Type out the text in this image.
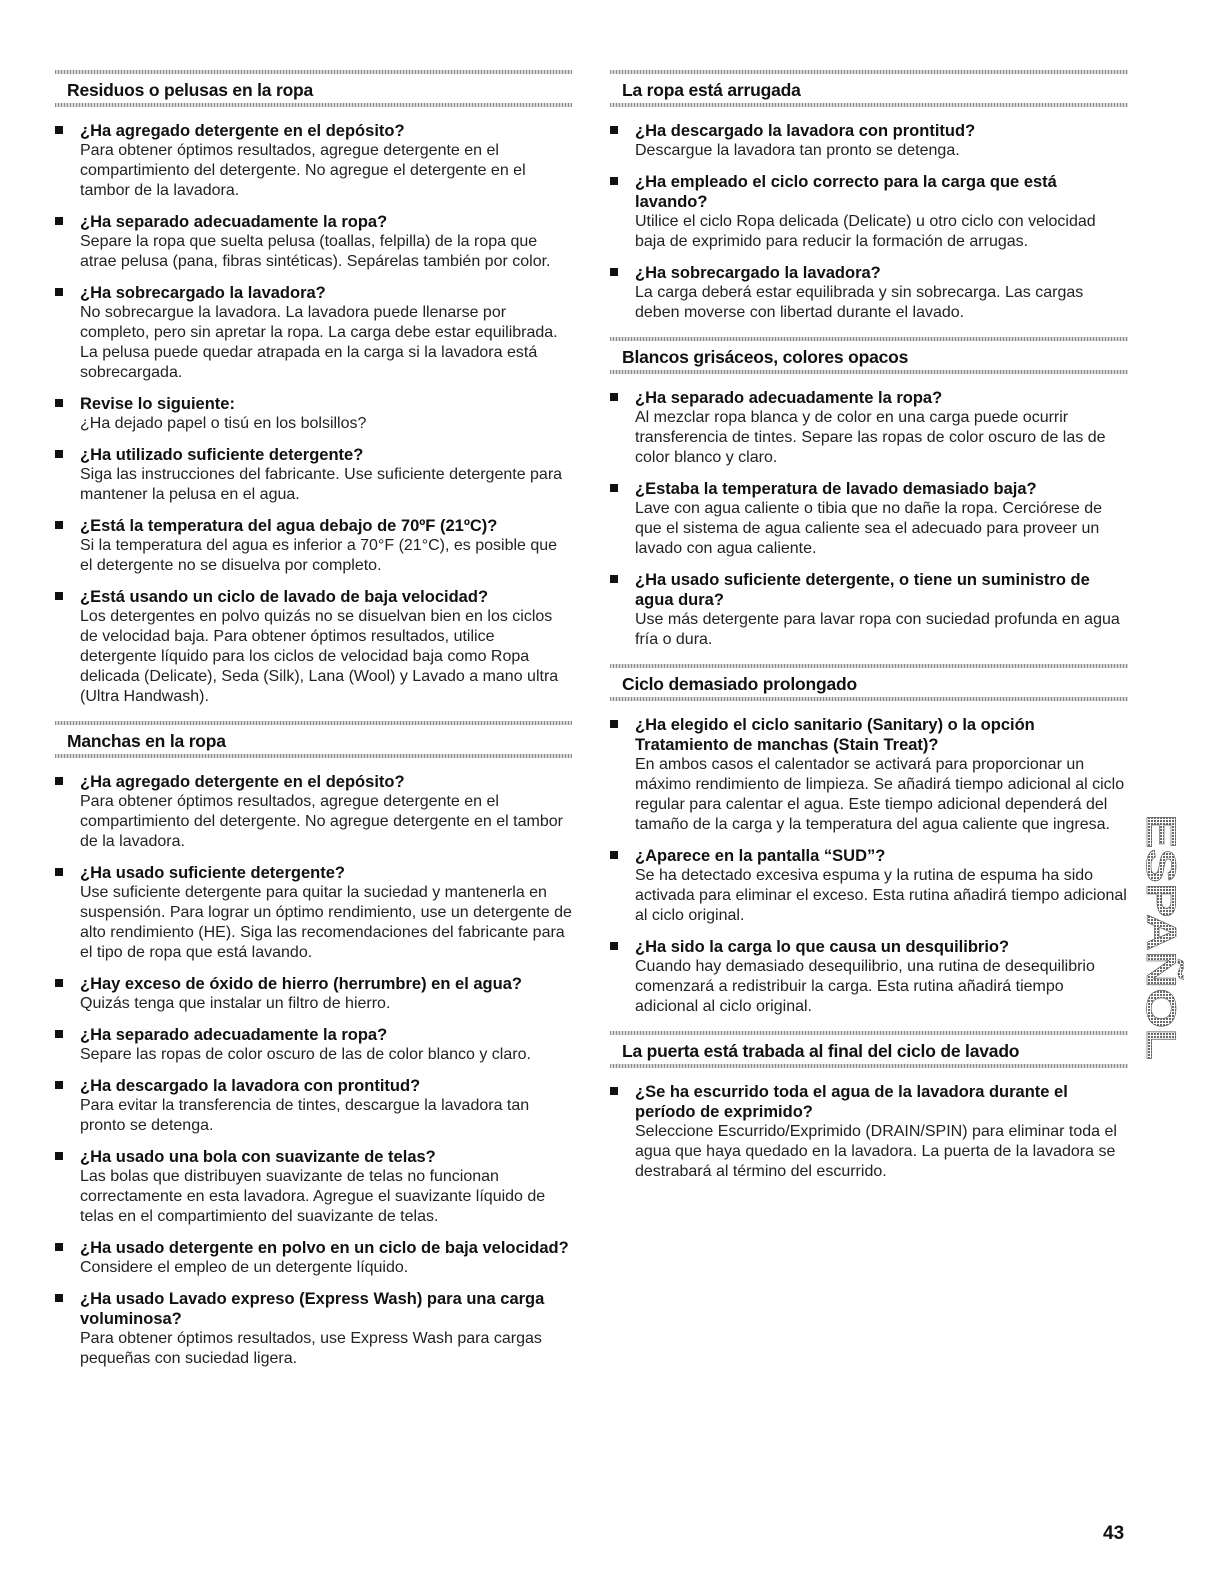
Residuos o pelusas en la ropa
¿Ha agregado detergente en el depósito?
Para obtener óptimos resultados, agregue detergente en el compartimiento del detergente. No agregue el detergente en el tambor de la lavadora.
¿Ha separado adecuadamente la ropa?
Separe la ropa que suelta pelusa (toallas, felpilla) de la ropa que atrae pelusa (pana, fibras sintéticas). Sepárelas también por color.
¿Ha sobrecargado la lavadora?
No sobrecargue la lavadora. La lavadora puede llenarse por completo, pero sin apretar la ropa. La carga debe estar equilibrada. La pelusa puede quedar atrapada en la carga si la lavadora está sobrecargada.
Revise lo siguiente:
¿Ha dejado papel o tisú en los bolsillos?
¿Ha utilizado suficiente detergente?
Siga las instrucciones del fabricante. Use suficiente detergente para mantener la pelusa en el agua.
¿Está la temperatura del agua debajo de 70ºF (21ºC)?
Si la temperatura del agua es inferior a 70°F (21°C), es posible que el detergente no se disuelva por completo.
¿Está usando un ciclo de lavado de baja velocidad?
Los detergentes en polvo quizás no se disuelvan bien en los ciclos de velocidad baja. Para obtener óptimos resultados, utilice detergente líquido para los ciclos de velocidad baja como Ropa delicada (Delicate), Seda (Silk), Lana (Wool) y Lavado a mano ultra (Ultra Handwash).
Manchas en la ropa
¿Ha agregado detergente en el depósito?
Para obtener óptimos resultados, agregue detergente en el compartimiento del detergente. No agregue detergente en el tambor de la lavadora.
¿Ha usado suficiente detergente?
Use suficiente detergente para quitar la suciedad y mantenerla en suspensión. Para lograr un óptimo rendimiento, use un detergente de alto rendimiento (HE). Siga las recomendaciones del fabricante para el tipo de ropa que está lavando.
¿Hay exceso de óxido de hierro (herrumbre) en el agua?
Quizás tenga que instalar un filtro de hierro.
¿Ha separado adecuadamente la ropa?
Separe las ropas de color oscuro de las de color blanco y claro.
¿Ha descargado la lavadora con prontitud?
Para evitar la transferencia de tintes, descargue la lavadora tan pronto se detenga.
¿Ha usado una bola con suavizante de telas?
Las bolas que distribuyen suavizante de telas no funcionan correctamente en esta lavadora. Agregue el suavizante líquido de telas en el compartimiento del suavizante de telas.
¿Ha usado detergente en polvo en un ciclo de baja velocidad?
Considere el empleo de un detergente líquido.
¿Ha usado Lavado expreso (Express Wash) para una carga voluminosa?
Para obtener óptimos resultados, use Express Wash para cargas pequeñas con suciedad ligera.
La ropa está arrugada
¿Ha descargado la lavadora con prontitud?
Descargue la lavadora tan pronto se detenga.
¿Ha empleado el ciclo correcto para la carga que está lavando?
Utilice el ciclo Ropa delicada (Delicate) u otro ciclo con velocidad baja de exprimido para reducir la formación de arrugas.
¿Ha sobrecargado la lavadora?
La carga deberá estar equilibrada y sin sobrecarga. Las cargas deben moverse con libertad durante el lavado.
Blancos grisáceos, colores opacos
¿Ha separado adecuadamente la ropa?
Al mezclar ropa blanca y de color en una carga puede ocurrir transferencia de tintes. Separe las ropas de color oscuro de las de color blanco y claro.
¿Estaba la temperatura de lavado demasiado baja?
Lave con agua caliente o tibia que no dañe la ropa. Cerciórese de que el sistema de agua caliente sea el adecuado para proveer un lavado con agua caliente.
¿Ha usado suficiente detergente, o tiene un suministro de agua dura?
Use más detergente para lavar ropa con suciedad profunda en agua fría o dura.
Ciclo demasiado prolongado
¿Ha elegido el ciclo sanitario (Sanitary) o la opción Tratamiento de manchas (Stain Treat)?
En ambos casos el calentador se activará para proporcionar un máximo rendimiento de limpieza. Se añadirá tiempo adicional al ciclo regular para calentar el agua. Este tiempo adicional dependerá del tamaño de la carga y la temperatura del agua caliente que ingresa.
¿Aparece en la pantalla “SUD”?
Se ha detectado excesiva espuma y la rutina de espuma ha sido activada para eliminar el exceso. Esta rutina añadirá tiempo adicional al ciclo original.
¿Ha sido la carga lo que causa un desquilibrio?
Cuando hay demasiado desequilibrio, una rutina de desequilibrio comenzará a redistribuir la carga. Esta rutina añadirá tiempo adicional al ciclo original.
La puerta está trabada al final del ciclo de lavado
¿Se ha escurrido toda el agua de la lavadora durante el período de exprimido?
Seleccione Escurrido/Exprimido (DRAIN/SPIN) para eliminar toda el agua que haya quedado en la lavadora. La puerta de la lavadora se destrabará al término del escurrido.
ESPAÑOL
43
